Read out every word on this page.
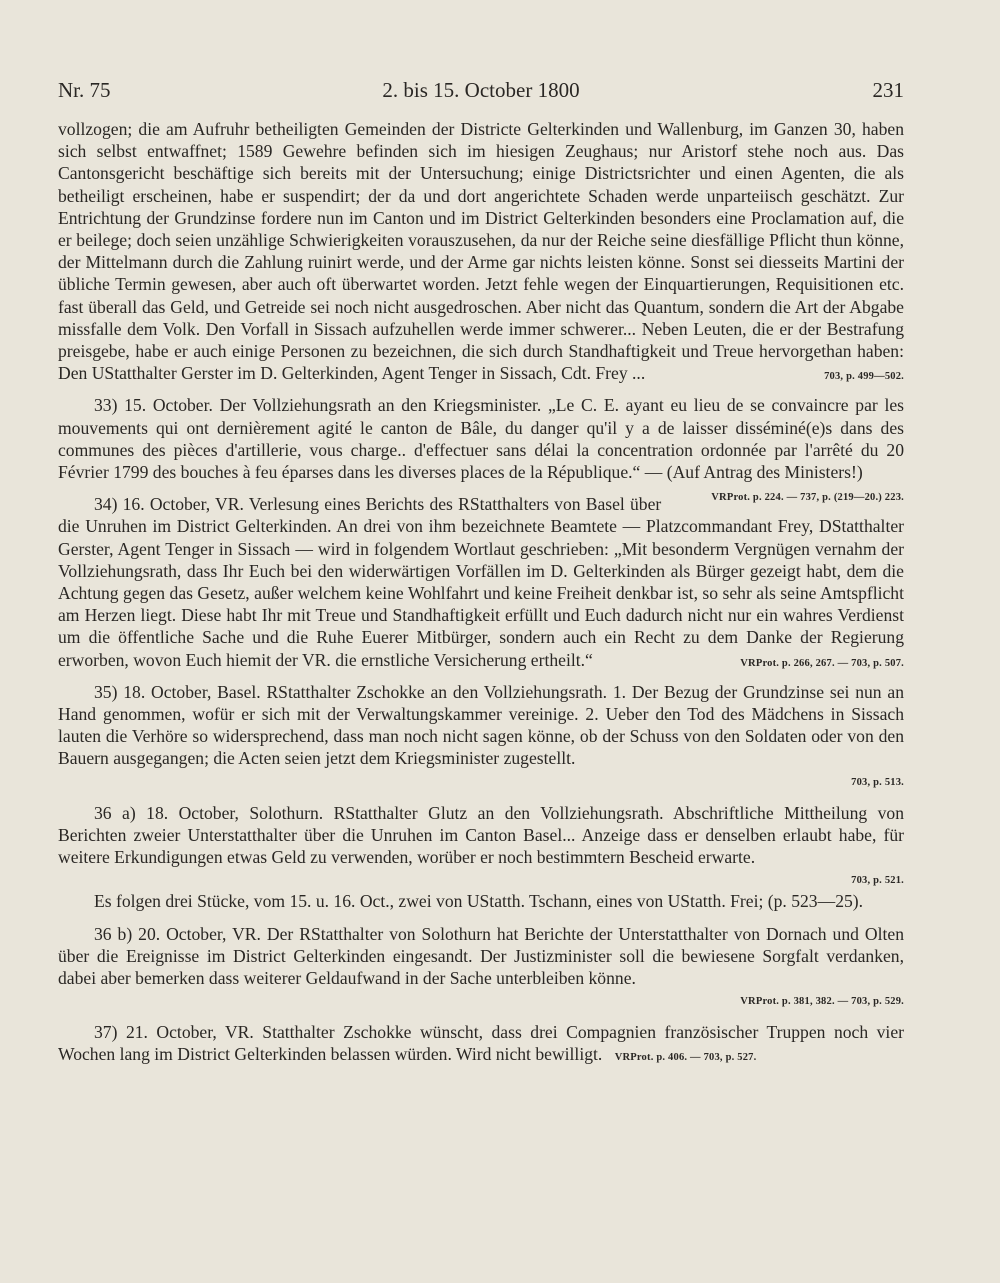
Nr. 75	2. bis 15. October 1800	231

vollzogen; die am Aufruhr betheiligten Gemeinden der Districte Gelterkinden und Wallenburg, im Ganzen 30, haben sich selbst entwaffnet; 1589 Gewehre befinden sich im hiesigen Zeughaus; nur Aristorf stehe noch aus. Das Cantonsgericht beschäftige sich bereits mit der Untersuchung; einige Districtsrichter und einen Agenten, die als betheiligt erscheinen, habe er suspendirt; der da und dort angerichtete Schaden werde unparteiisch geschätzt. Zur Entrichtung der Grundzinse fordere nun im Canton und im District Gelterkinden besonders eine Proclamation auf, die er beilege; doch seien unzählige Schwierigkeiten vorauszusehen, da nur der Reiche seine diesfällige Pflicht thun könne, der Mittelmann durch die Zahlung ruinirt werde, und der Arme gar nichts leisten könne. Sonst sei diesseits Martini der übliche Termin gewesen, aber auch oft überwartet worden. Jetzt fehle wegen der Einquartierungen, Requisitionen etc. fast überall das Geld, und Getreide sei noch nicht ausgedroschen. Aber nicht das Quantum, sondern die Art der Abgabe missfalle dem Volk. Den Vorfall in Sissach aufzuhellen werde immer schwerer... Neben Leuten, die er der Bestrafung preisgebe, habe er auch einige Personen zu bezeichnen, die sich durch Standhaftigkeit und Treue hervorgethan haben: Den UStatthalter Gerster im D. Gelterkinden, Agent Tenger in Sissach, Cdt. Frey ...	703, p. 499—502.

33) 15. October. Der Vollziehungsrath an den Kriegsminister. „Le C. E. ayant eu lieu de se convaincre par les mouvements qui ont dernièrement agité le canton de Bâle, du danger qu'il y a de laisser disséminé(e)s dans des communes des pièces d'artillerie, vous charge.. d'effectuer sans délai la concentration ordonnée par l'arrêté du 20 Février 1799 des bouches à feu éparses dans les diverses places de la République.“ — (Auf Antrag des Ministers!)
VRProt. p. 224. — 737, p. (219—20.) 223.

34) 16. October, VR. Verlesung eines Berichts des RStatthalters von Basel über die Unruhen im District Gelterkinden. An drei von ihm bezeichnete Beamtete — Platzcommandant Frey, DStatthalter Gerster, Agent Tenger in Sissach — wird in folgendem Wortlaut geschrieben: „Mit besonderm Vergnügen vernahm der Vollziehungsrath, dass Ihr Euch bei den widerwärtigen Vorfällen im D. Gelterkinden als Bürger gezeigt habt, dem die Achtung gegen das Gesetz, außer welchem keine Wohlfahrt und keine Freiheit denkbar ist, so sehr als seine Amtspflicht am Herzen liegt. Diese habt Ihr mit Treue und Standhaftigkeit erfüllt und Euch dadurch nicht nur ein wahres Verdienst um die öffentliche Sache und die Ruhe Euerer Mitbürger, sondern auch ein Recht zu dem Danke der Regierung erworben, wovon Euch hiemit der VR. die ernstliche Versicherung ertheilt.“	VRProt. p. 266, 267. — 703, p. 507.

35) 18. October, Basel. RStatthalter Zschokke an den Vollziehungsrath. 1. Der Bezug der Grundzinse sei nun an Hand genommen, wofür er sich mit der Verwaltungskammer vereinige. 2. Ueber den Tod des Mädchens in Sissach lauten die Verhöre so widersprechend, dass man noch nicht sagen könne, ob der Schuss von den Soldaten oder von den Bauern ausgegangen; die Acten seien jetzt dem Kriegsminister zugestellt.

703, p. 513.

36 a) 18. October, Solothurn. RStatthalter Glutz an den Vollziehungsrath. Abschriftliche Mittheilung von Berichten zweier Unterstatthalter über die Unruhen im Canton Basel... Anzeige dass er denselben erlaubt habe, für weitere Erkundigungen etwas Geld zu verwenden, worüber er noch bestimmtern Bescheid erwarte.

703, p. 521.

Es folgen drei Stücke, vom 15. u. 16. Oct., zwei von UStatth. Tschann, eines von UStatth. Frei; (p. 523—25).

36 b) 20. October, VR. Der RStatthalter von Solothurn hat Berichte der Unterstatthalter von Dornach und Olten über die Ereignisse im District Gelterkinden eingesandt. Der Justizminister soll die bewiesene Sorgfalt verdanken, dabei aber bemerken dass weiterer Geldaufwand in der Sache unterbleiben könne.

VRProt. p. 381, 382. — 703, p. 529.

37) 21. October, VR. Statthalter Zschokke wünscht, dass drei Compagnien französischer Truppen noch vier Wochen lang im District Gelterkinden belassen würden. Wird nicht bewilligt. VRProt. p. 406. — 703, p. 527.
